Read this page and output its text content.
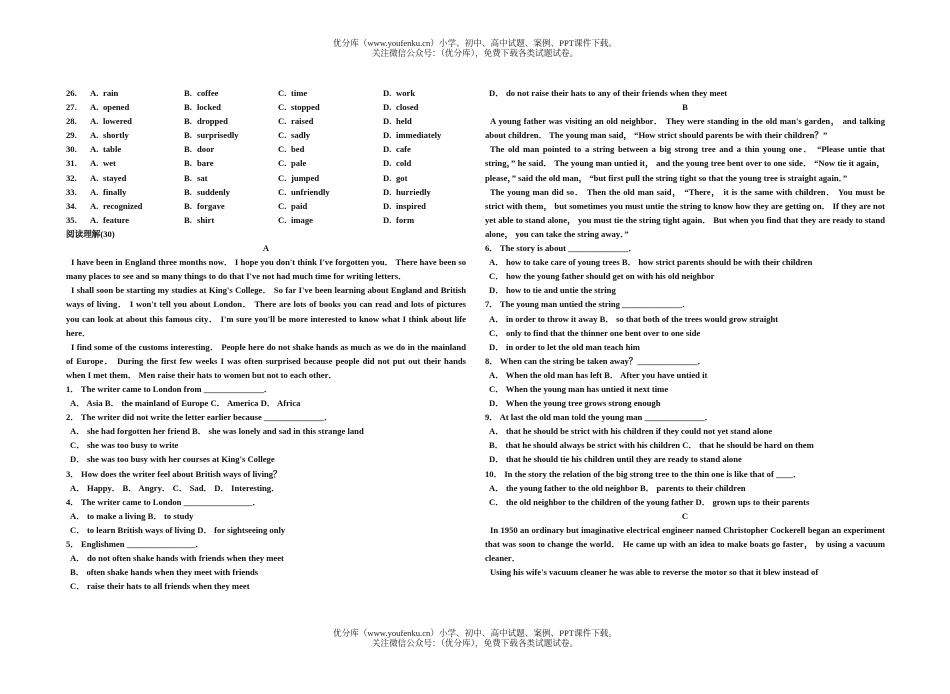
优分库（www.youfenku.cn）小学、初中、高中试题、案例、PPT课件下载。
关注微信公众号：（优分库），免费下载各类试题试卷。
26.	A. rain	B. coffee	C. time	D. work
27.	A. opened	B. locked	C. stopped	D. closed
28.	A. lowered	B. dropped	C. raised	D. held
29.	A. shortly	B. surprisedly	C. sadly	D. immediately
30.	A. table	B. door	C. bed	D. cafe
31.	A. wet	B. bare	C. pale	D. cold
32.	A. stayed	B. sat	C. jumped	D. got
33.	A. finally	B. suddenly	C. unfriendly	D. hurriedly
34.	A. recognized	B. forgave	C. paid	D. inspired
35.	A. feature	B. shirt	C. image	D. form
阅读理解(30)
A
I have been in England three months now． I hope you don't think I've forgotten you． There have been so many places to see and so many things to do that I've not had much time for writing letters．
I shall soon be starting my studies at King's College． So far I've been learning about England and British ways of living． I won't tell you about London． There are lots of books you can read and lots of pictures you can look at about this famous city． I'm sure you'll be more interested to know what I think about life here．
I find some of the customs interesting． People here do not shake hands as much as we do in the mainland of Europe． During the first few weeks I was often surprised because people did not put out their hands when I met them． Men raise their hats to women but not to each other．
1． The writer came to London from ______________．
A． Asia B． the mainland of Europe C． America D． Africa
2． The writer did not write the letter earlier because ______________．
A． she had forgotten her friend B． she was lonely and sad in this strange land
C． she was too busy to write
D． she was too busy with her courses at King's College
3． How does the writer feel about British ways of living？
A． Happy． B． Angry． C． Sad． D． Interesting．
4． The writer came to London ________________．
A． to make a living B． to study
C． to learn British ways of living D． for sightseeing only
5． Englishmen ________________．
A． do not often shake hands with friends when they meet
B． often shake hands when they meet with friends
C． raise their hats to all friends when they meet
D． do not raise their hats to any of their friends when they meet
B
A young father was visiting an old neighbor． They were standing in the old man's garden， and talking about children． The young man said， “How strict should parents be with their children？”
The old man pointed to a string between a big strong tree and a thin young one． “Please untie that string，” he said． The young man untied it， and the young tree bent over to one side． “Now tie it again， please，” said the old man， “but first pull the string tight so that the young tree is straight again．”
The young man did so． Then the old man said， “There， it is the same with children． You must be strict with them， but sometimes you must untie the string to know how they are getting on． If they are not yet able to stand alone， you must tie the string tight again． But when you find that they are ready to stand alone， you can take the string away．”
6． The story is about ______________．
A． how to take care of young trees B． how strict parents should be with their children
C． how the young father should get on with his old neighbor
D． how to tie and untie the string
7． The young man untied the string ______________．
A． in order to throw it away B． so that both of the trees would grow straight
C． only to find that the thinner one bent over to one side
D． in order to let the old man teach him
8． When can the string be taken away？______________．
A． When the old man has left B． After you have untied it
C． When the young man has untied it next time
D． When the young tree grows strong enough
9． At last the old man told the young man ______________．
A． that he should be strict with his children if they could not yet stand alone
B． that he should always be strict with his children C． that he should be hard on them
D． that he should tie his children until they are ready to stand alone
10． In the story the relation of the big strong tree to the thin one is like that of ____．
A． the young father to the old neighbor B． parents to their children
C． the old neighbor to the children of the young father D． grown ups to their parents
C
In 1950 an ordinary but imaginative electrical engineer named Christopher Cockerell began an experiment that was soon to change the world． He came up with an idea to make boats go faster， by using a vacuum cleaner．
Using his wife's vacuum cleaner he was able to reverse the motor so that it blew instead of
优分库（www.youfenku.cn）小学、初中、高中试题、案例、PPT课件下载。
关注微信公众号：（优分库），免费下载各类试题试卷。
